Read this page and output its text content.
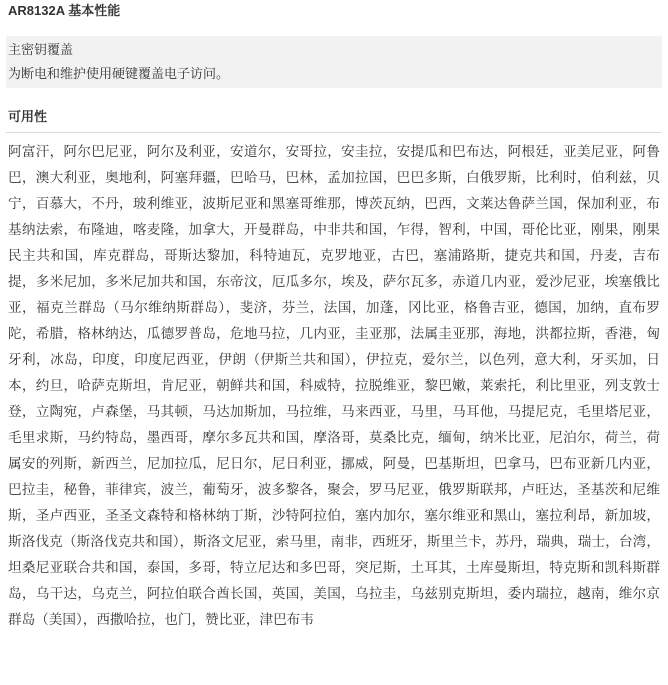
AR8132A 基本性能
主密钥覆盖
为断电和维护使用硬键覆盖电子访问。
可用性
阿富汗，阿尔巴尼亚，阿尔及利亚，安道尔，安哥拉，安圭拉，安提瓜和巴布达，阿根廷，亚美尼亚，阿鲁巴，澳大利亚，奥地利，阿塞拜疆，巴哈马，巴林，孟加拉国，巴巴多斯，白俄罗斯，比利时，伯利兹，贝宁，百慕大，不丹，玻利维亚，波斯尼亚和黑塞哥维那，博茨瓦纳，巴西，文莱达鲁萨兰国，保加利亚，布基纳法索，布隆迪，喀麦隆，加拿大，开曼群岛，中非共和国，乍得，智利，中国，哥伦比亚，刚果，刚果民主共和国，库克群岛，哥斯达黎加，科特迪瓦，克罗地亚，古巴，塞浦路斯，捷克共和国，丹麦，吉布提，多米尼加，多米尼加共和国，东帝汶，厄瓜多尔，埃及，萨尔瓦多，赤道几内亚，爱沙尼亚，埃塞俄比亚，福克兰群岛（马尔维纳斯群岛），斐济，芬兰，法国，加蓬，冈比亚，格鲁吉亚，德国，加纳，直布罗陀，希腊，格林纳达，瓜德罗普岛，危地马拉，几内亚，圭亚那，法属圭亚那，海地，洪都拉斯，香港，匈牙利，冰岛，印度，印度尼西亚，伊朗（伊斯兰共和国），伊拉克，爱尔兰，以色列，意大利，牙买加，日本，约旦，哈萨克斯坦，肯尼亚，朝鲜共和国，科威特，拉脱维亚，黎巴嫩，莱索托，利比里亚，列支敦士登，立陶宛，卢森堡，马其顿，马达加斯加，马拉维，马来西亚，马里，马耳他，马提尼克，毛里塔尼亚，毛里求斯，马约特岛，墨西哥，摩尔多瓦共和国，摩洛哥，莫桑比克，缅甸，纳米比亚，尼泊尔，荷兰，荷属安的列斯，新西兰，尼加拉瓜，尼日尔，尼日利亚，挪威，阿曼，巴基斯坦，巴拿马，巴布亚新几内亚，巴拉圭，秘鲁，菲律宾，波兰，葡萄牙，波多黎各，聚会，罗马尼亚，俄罗斯联邦，卢旺达，圣基茨和尼维斯，圣卢西亚，圣圣文森特和格林纳丁斯，沙特阿拉伯，塞内加尔，塞尔维亚和黑山，塞拉利昂，新加坡，斯洛伐克（斯洛伐克共和国），斯洛文尼亚，索马里，南非，西班牙，斯里兰卡，苏丹，瑞典，瑞士，台湾，坦桑尼亚联合共和国，泰国，多哥，特立尼达和多巴哥，突尼斯，土耳其，土库曼斯坦，特克斯和凯科斯群岛，乌干达，乌克兰，阿拉伯联合酋长国，英国，美国，乌拉圭，乌兹别克斯坦，委内瑞拉，越南，维尔京群岛（美国），西撒哈拉，也门，赞比亚，津巴布韦
